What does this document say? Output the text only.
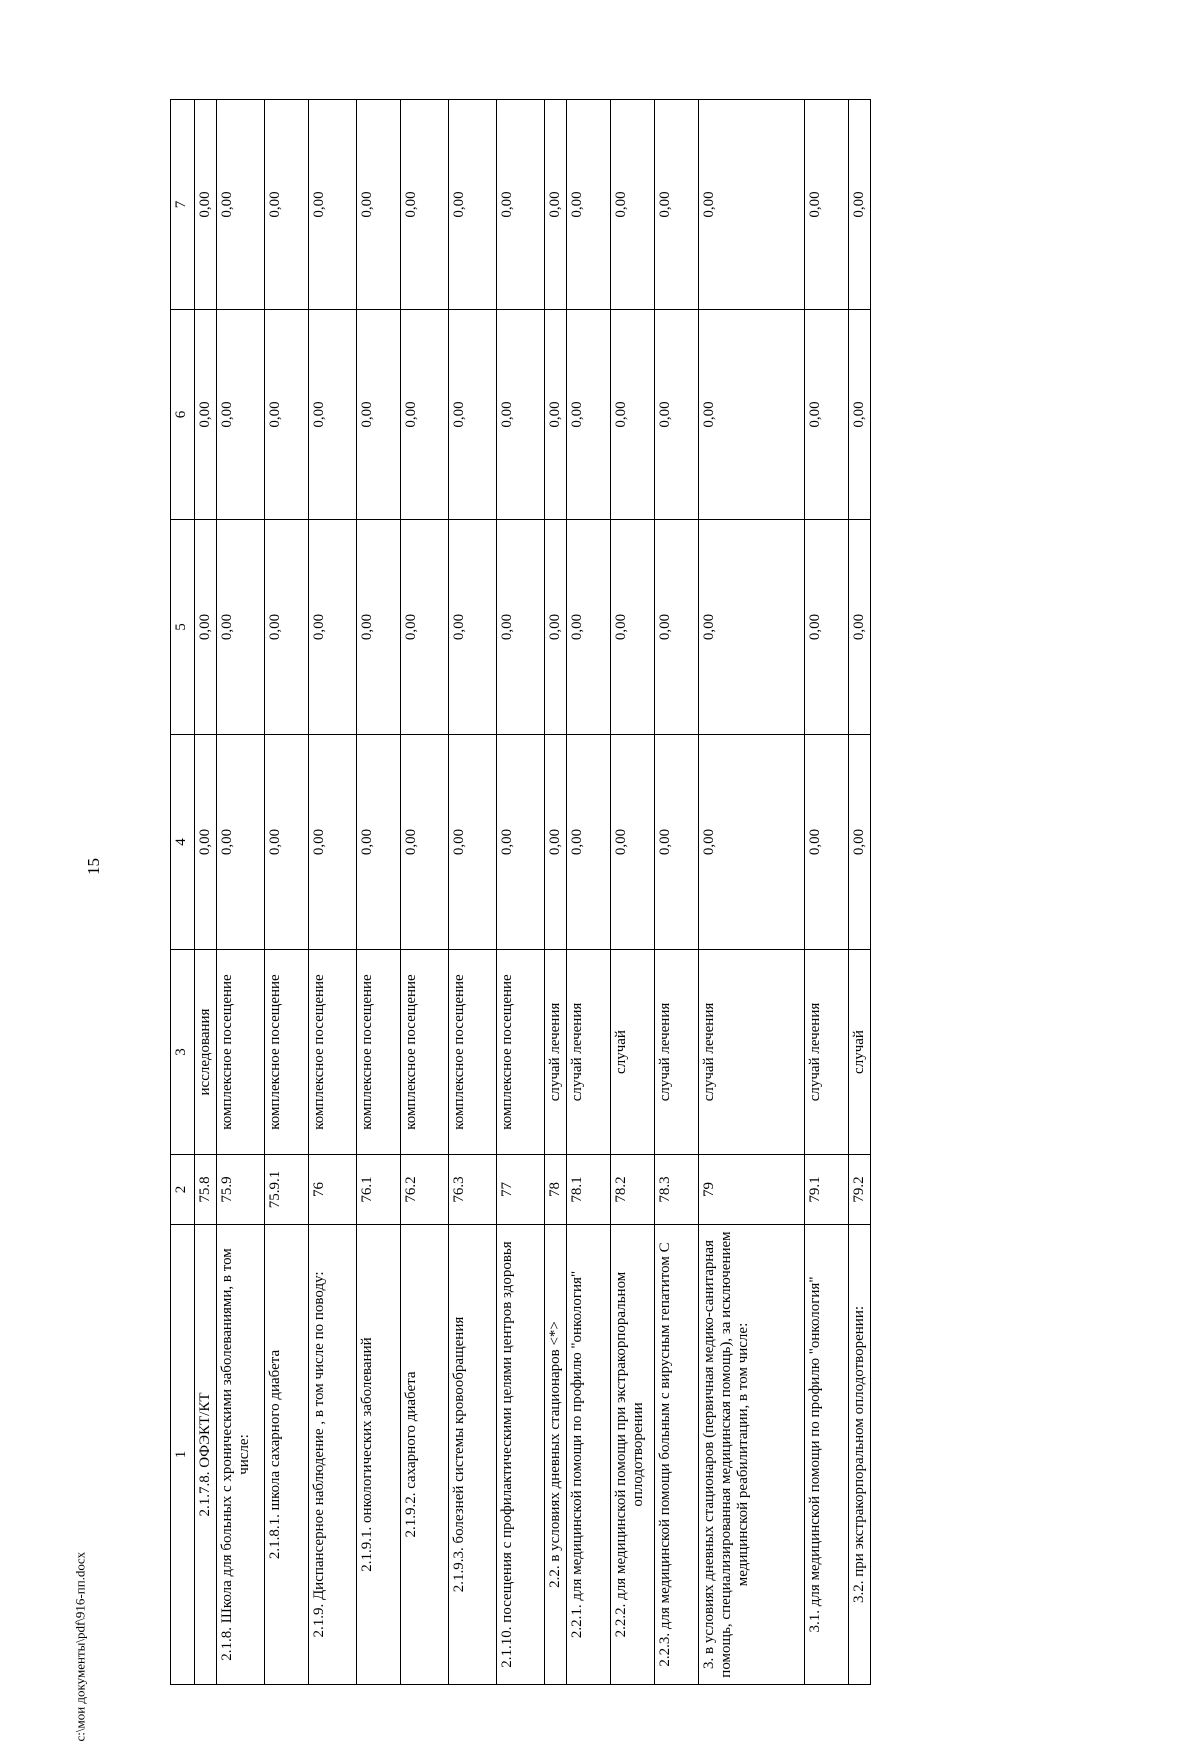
15
1	2	3	4	5	6	7
2.1.7.8. ОФЭКТ/КТ	75.8	исследования	0,00	0,00	0,00	0,00
2.1.8. Школа для больных с хроническими заболеваниями, в том числе:	75.9	комплексное посещение	0,00	0,00	0,00	0,00
2.1.8.1. школа сахарного диабета	75.9.1	комплексное посещение	0,00	0,00	0,00	0,00
2.1.9. Диспансерное наблюдение , в том числе по поводу:	76	комплексное посещение	0,00	0,00	0,00	0,00
2.1.9.1. онкологических заболеваний	76.1	комплексное посещение	0,00	0,00	0,00	0,00
2.1.9.2. сахарного диабета	76.2	комплексное посещение	0,00	0,00	0,00	0,00
2.1.9.3. болезней системы кровообращения	76.3	комплексное посещение	0,00	0,00	0,00	0,00
2.1.10. посещения с профилактическими целями центров здоровья	77	комплексное посещение	0,00	0,00	0,00	0,00
2.2. в условиях дневных стационаров <*>	78	случай лечения	0,00	0,00	0,00	0,00
2.2.1. для медицинской помощи по профилю "онкология"	78.1	случай лечения	0,00	0,00	0,00	0,00
2.2.2. для медицинской помощи при экстракорпоральном оплодотворении	78.2	случай	0,00	0,00	0,00	0,00
2.2.3. для медицинской помощи больным с вирусным гепатитом С	78.3	случай лечения	0,00	0,00	0,00	0,00
3. в условиях дневных стационаров (первичная медико-санитарная помощь, специализированная медицинская помощь), за исключением медицинской реабилитации, в том числе:	79	случай лечения	0,00	0,00	0,00	0,00
3.1. для медицинской помощи по профилю "онкология"	79.1	случай лечения	0,00	0,00	0,00	0,00
3.2. при экстракорпоральном оплодотворении:	79.2	случай	0,00	0,00	0,00	0,00
c:\мои документы\pdf\916-пп.docx
